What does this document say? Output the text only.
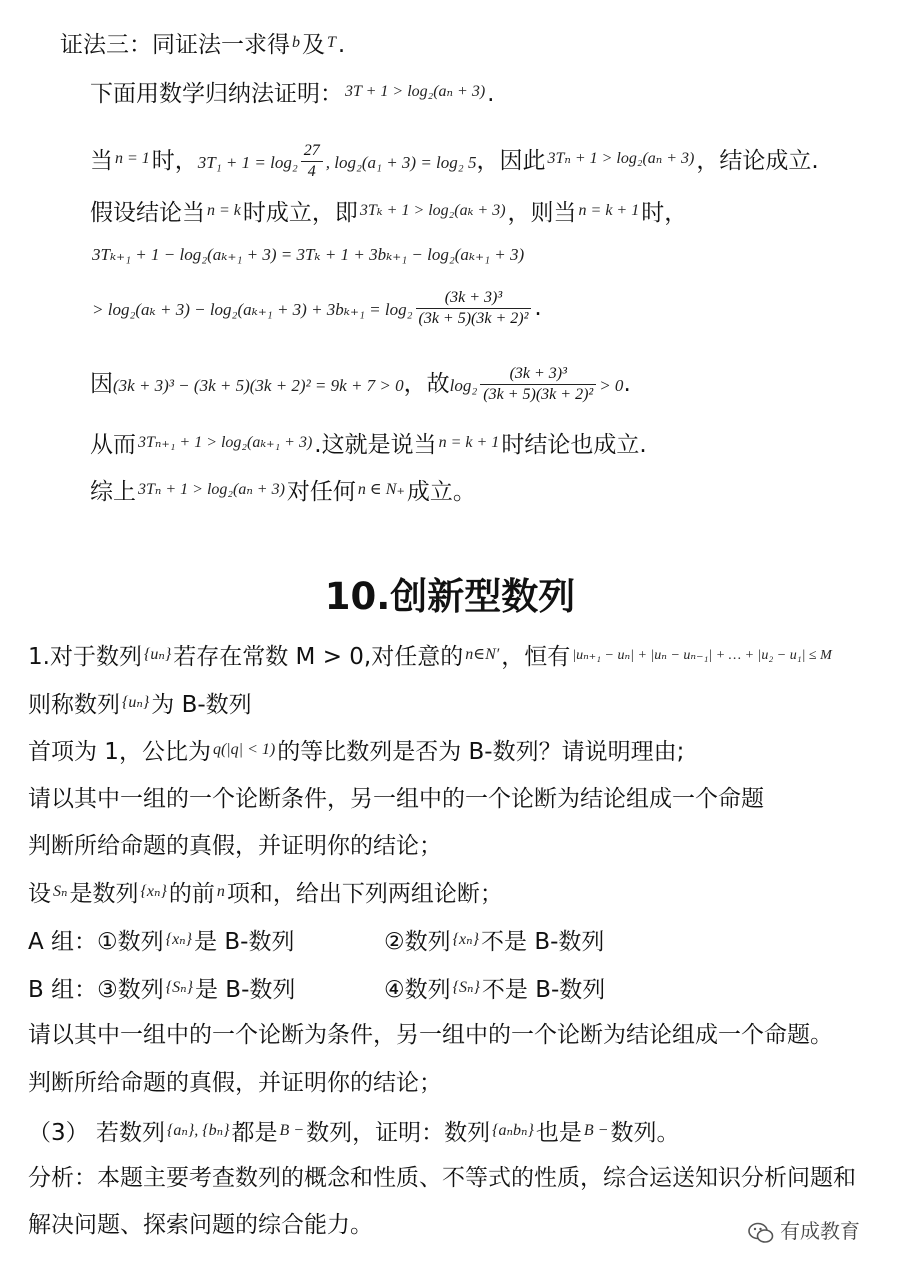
证法三：同证法一求得 $^b$及 $^T$.
下面用数学归纳法证明： $^{3T + 1 > log_2(a_n + 3)}$.
当 $^{n = 1}$时，$3T_1 + 1 = \log_2 \frac{27}{4}$ , log₂(a₁ + 3) = log₂ 5，因此 $^{3T_n + 1 > log_2(a_n + 3)}$，结论成立.
假设结论当 $^{n = k}$时成立，即 $^{3T_k + 1 > log_2(a_k + 3)}$，则当 $^{n = k + 1}$时，
3Tₖ₊₁ + 1 − log₂(aₖ₊₁ + 3) = 3Tₖ + 1 + 3bₖ₊₁ − log₂(aₖ₊₁ + 3)
> $\log_2(a_k + 3) - \log_2(a_{k+1} + 3) + 3b_{k+1} = \log_2 \frac{\text{(3k + 3)³}}{\text{(3k + 5)(3k + 2)²}}$ .
因(3k + 3)³ − (3k + 5)(3k + 2)² = 9k + 7 > 0，故$\log_2 \frac{\text{(3k + 3)³}}{\text{(3k + 5)(3k + 2)²}} > 0$.
从而 $^{3T_{n+1} + 1 > log_2(a_{k+1} + 3)}$.这就是说当 $^{n = k + 1}$时结论也成立.
综上 $^{3T_n + 1 > log_2(a_n + 3)}$对任何 $^{n \in N_+}$成立。
10.创新型数列
1.对于数列 $^{\{u_n\}}$若存在常数 M > 0,对任意的 $^{n\in N'}$，恒有 $^{|u_{n+1} - u_n| + |u_n - u_{n-1}| + \dots + |u_2 - u_1| \le M}$
则称数列 $^{\{u_n\}}$为 B-数列
首项为 1，公比为 $^{q(|q| < 1)}$的等比数列是否为 B-数列？请说明理由;
请以其中一组的一个论断条件，另一组中的一个论断为结论组成一个命题
判断所给命题的真假，并证明你的结论；
设 $^{S_n}$是数列 $^{\{x_n\}}$的前 $^n$项和，给出下列两组论断；
A 组：①数列 $^{\{x_n\}}$是 B-数列	②数列 $^{\{x_n\}}$不是 B-数列
B 组：③数列 $^{\{S_n\}}$是 B-数列	④数列 $^{\{S_n\}}$不是 B-数列
请以其中一组中的一个论断为条件，另一组中的一个论断为结论组成一个命题。
判断所给命题的真假，并证明你的结论；
（3） 若数列 $^{\{a_n\}, \{b_n\}}$都是 $^{B -}$数列，证明：数列 $^{\{a_nb_n\}}$也是 $^{B -}$数列。
分析：本题主要考查数列的概念和性质、不等式的性质，综合运送知识分析问题和
解决问题、探索问题的综合能力。	有成教育
